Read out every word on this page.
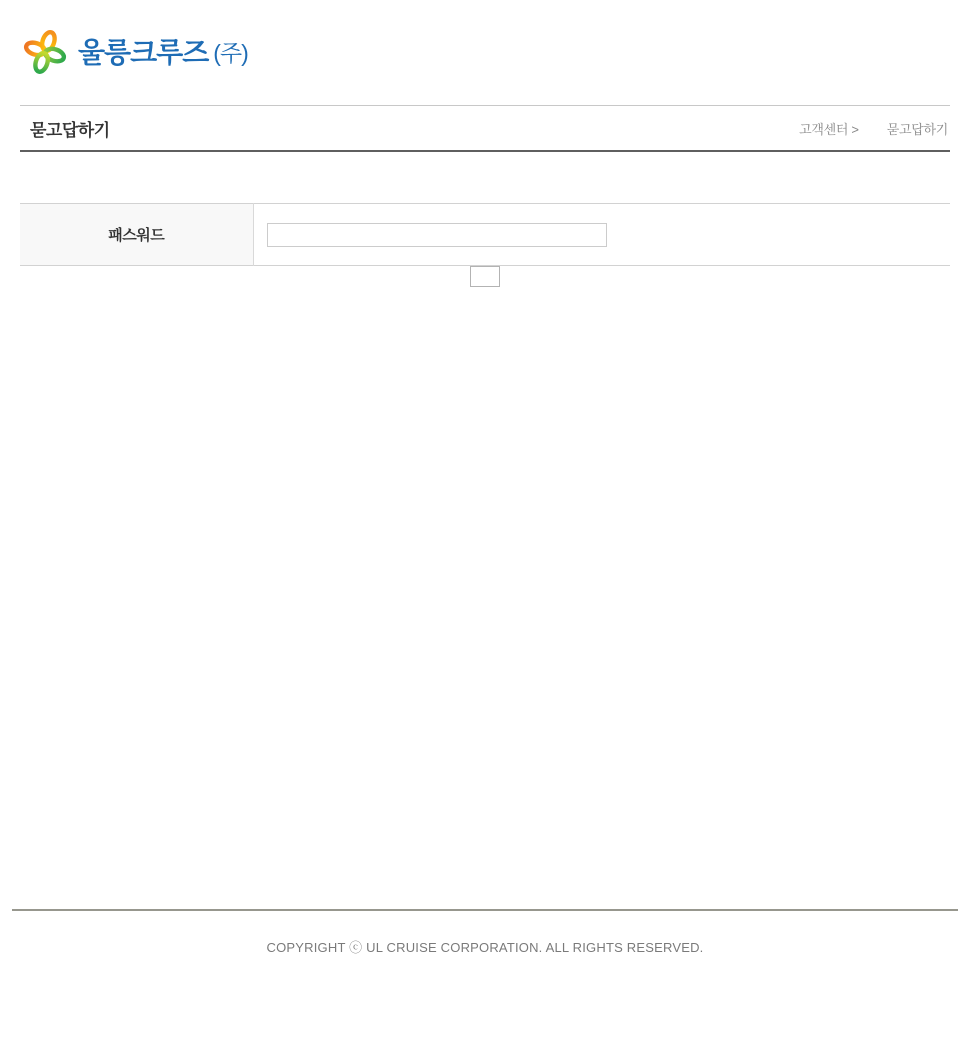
울릉크루즈 (주)
묻고답하기	고객센터 > 묻고답하기
패스워드	

COPYRIGHT ⓒ UL CRUISE CORPORATION. ALL RIGHTS RESERVED.
